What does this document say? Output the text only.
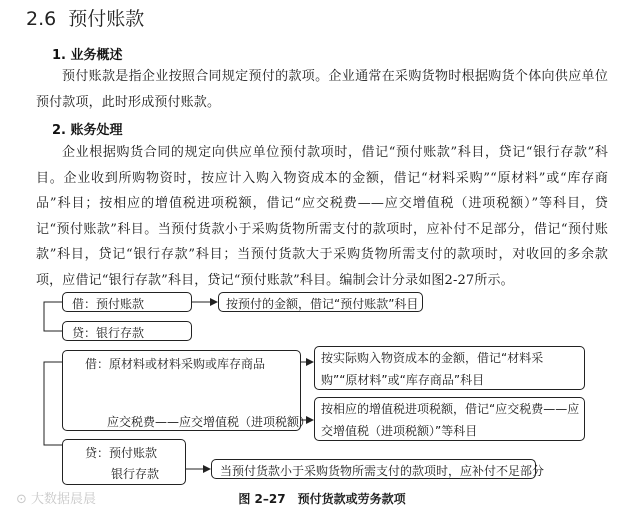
2.6 预付账款
1. 业务概述
预付账款是指企业按照合同规定预付的款项。企业通常在采购货物时根据购货个体向供应单位预付款项，此时形成预付账款。
2. 账务处理
企业根据购货合同的规定向供应单位预付款项时，借记“预付账款”科目，贷记“银行存款”科目。企业收到所购物资时，按应计入购入物资成本的金额，借记“材料采购”“原材料”或“库存商品”科目；按相应的增值税进项税额，借记“应交税费——应交增值税（进项税额）”等科目，贷记“预付账款”科目。当预付货款小于采购货物所需支付的款项时，应补付不足部分，借记“预付账款”科目，贷记“银行存款”科目；当预付货款大于采购货物所需支付的款项时，对收回的多余款项，应借记“银行存款”科目，贷记“预付账款”科目。编制会计分录如图2-27所示。
借：预付账款	按预付的金额，借记“预付账款”科目
贷：银行存款
借：原材料或材料采购或库存商品
应交税费——应交增值税（进项税额）
按实际购入物资成本的金额，借记“材料采购”“原材料”或“库存商品”科目
按相应的增值税进项税额，借记“应交税费——应交增值税（进项税额）”等科目
贷：预付账款
银行存款	当预付货款小于采购货物所需支付的款项时，应补付不足部分
图 2–27　预付货款或劳务款项
⊙ 大数据晨晨
